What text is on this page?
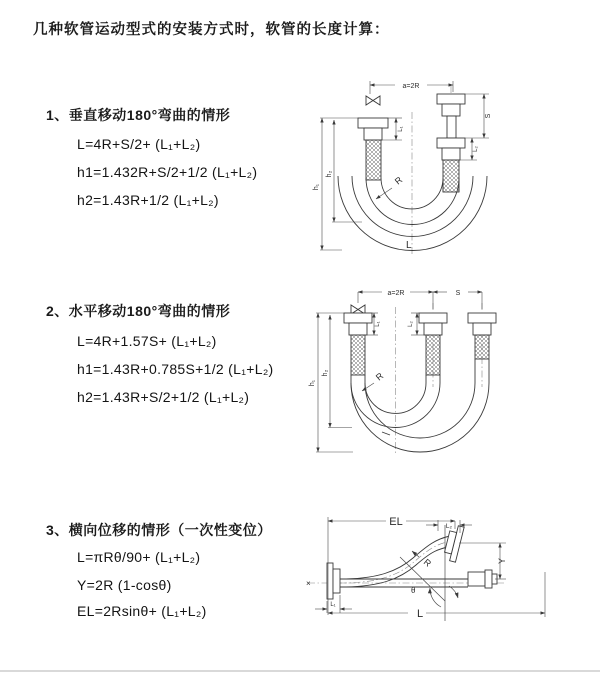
几种软管运动型式的安装方式时，软管的长度计算：
1、垂直移动180°弯曲的情形
L=4R+S/2+ (L₁+L₂)
h1=1.432R+S/2+1/2 (L₁+L₂)
h2=1.43R+1/2 (L₁+L₂)
2、水平移动180°弯曲的情形
L=4R+1.57S+ (L₁+L₂)
h1=1.43R+0.785S+1/2 (L₁+L₂)
h2=1.43R+S/2+1/2 (L₁+L₂)
3、横向位移的情形（一次性变位）
L=πRθ/90+ (L₁+L₂)
Y=2R (1-cosθ)
EL=2Rsinθ+ (L₁+L₂)
a=2R
h₁
h₂
L₁
S
L₂
R
L
a=2R	S
h₁
h₂
L₁	L₂
R
EL	L₂
Y
L
L₁
R
θ
×
